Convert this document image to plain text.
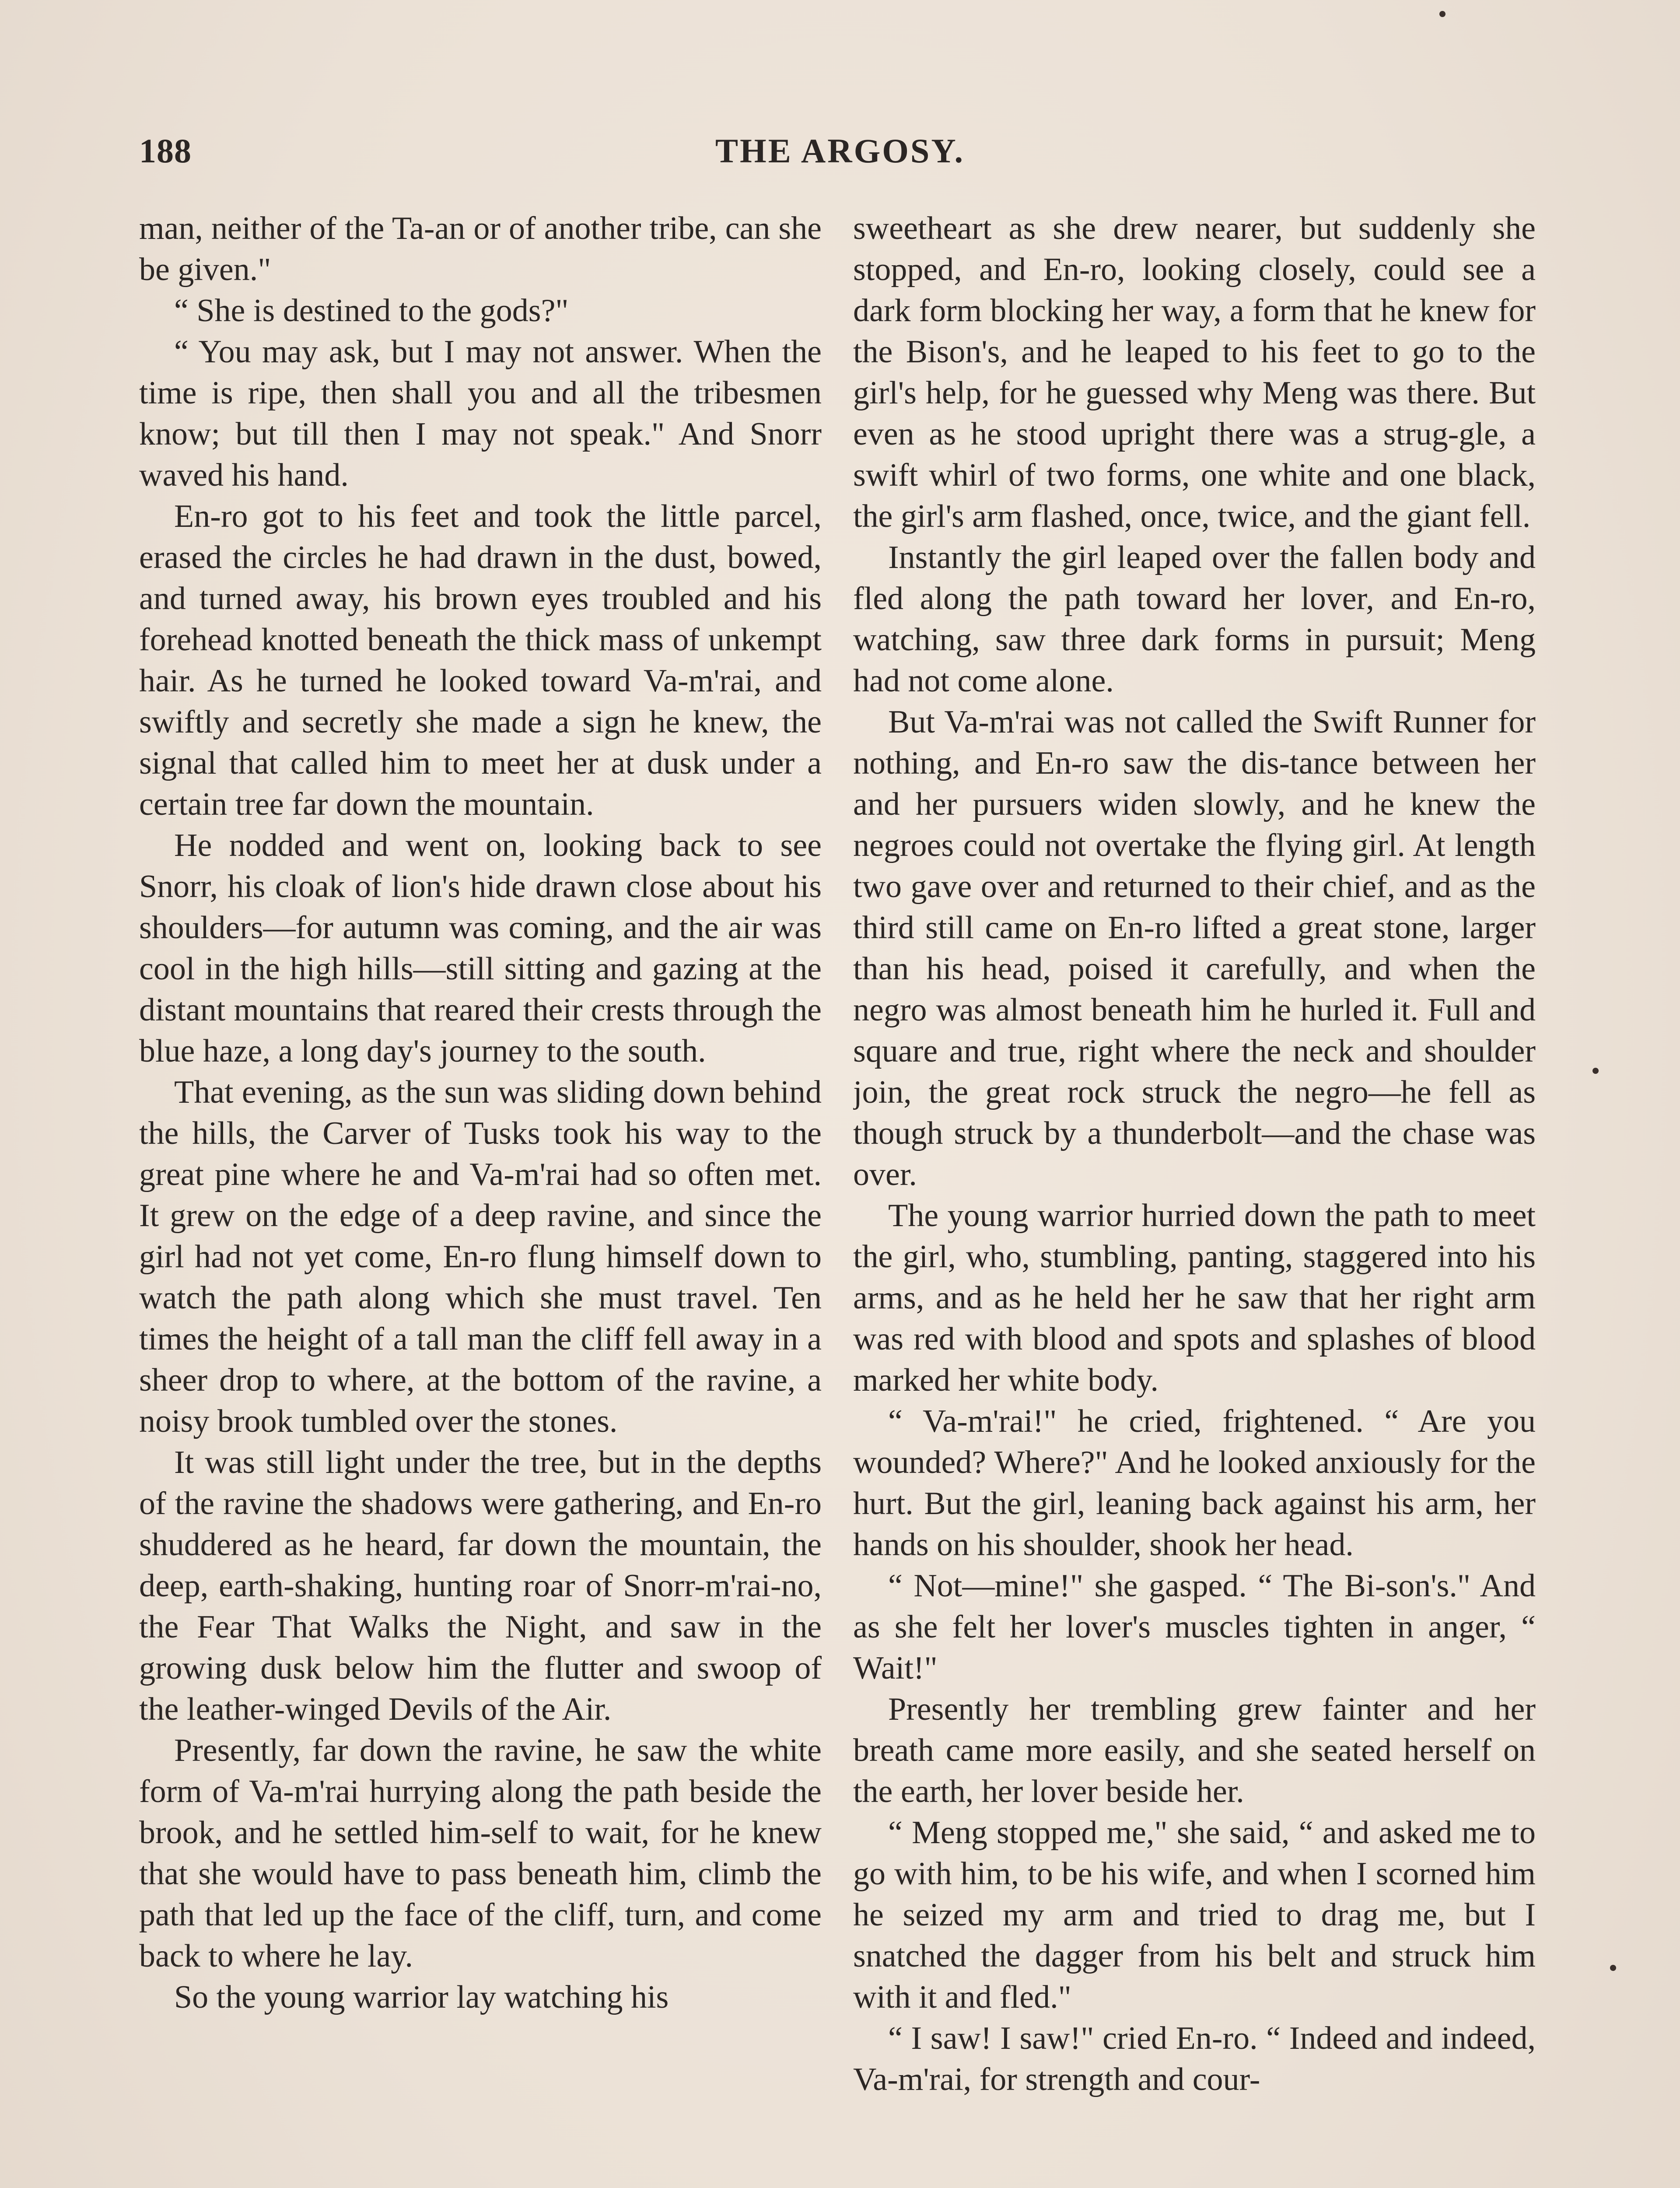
188	THE ARGOSY.

man, neither of the Ta-an or of another tribe, can she be given."

“ She is destined to the gods?"

“ You may ask, but I may not answer. When the time is ripe, then shall you and all the tribesmen know; but till then I may not speak." And Snorr waved his hand.

En-ro got to his feet and took the little parcel, erased the circles he had drawn in the dust, bowed, and turned away, his brown eyes troubled and his forehead knotted beneath the thick mass of unkempt hair. As he turned he looked toward Va-m'rai, and swiftly and secretly she made a sign he knew, the signal that called him to meet her at dusk under a certain tree far down the mountain.

He nodded and went on, looking back to see Snorr, his cloak of lion's hide drawn close about his shoulders—for autumn was coming, and the air was cool in the high hills—still sitting and gazing at the distant mountains that reared their crests through the blue haze, a long day's journey to the south.

That evening, as the sun was sliding down behind the hills, the Carver of Tusks took his way to the great pine where he and Va-m'rai had so often met. It grew on the edge of a deep ravine, and since the girl had not yet come, En-ro flung himself down to watch the path along which she must travel. Ten times the height of a tall man the cliff fell away in a sheer drop to where, at the bottom of the ravine, a noisy brook tumbled over the stones.

It was still light under the tree, but in the depths of the ravine the shadows were gathering, and En-ro shuddered as he heard, far down the mountain, the deep, earth-shaking, hunting roar of Snorr-m'rai-no, the Fear That Walks the Night, and saw in the growing dusk below him the flutter and swoop of the leather-winged Devils of the Air.

Presently, far down the ravine, he saw the white form of Va-m'rai hurrying along the path beside the brook, and he settled him-self to wait, for he knew that she would have to pass beneath him, climb the path that led up the face of the cliff, turn, and come back to where he lay.

So the young warrior lay watching his

sweetheart as she drew nearer, but suddenly she stopped, and En-ro, looking closely, could see a dark form blocking her way, a form that he knew for the Bison's, and he leaped to his feet to go to the girl's help, for he guessed why Meng was there. But even as he stood upright there was a strug-gle, a swift whirl of two forms, one white and one black, the girl's arm flashed, once, twice, and the giant fell.

Instantly the girl leaped over the fallen body and fled along the path toward her lover, and En-ro, watching, saw three dark forms in pursuit; Meng had not come alone.

But Va-m'rai was not called the Swift Runner for nothing, and En-ro saw the dis-tance between her and her pursuers widen slowly, and he knew the negroes could not overtake the flying girl. At length two gave over and returned to their chief, and as the third still came on En-ro lifted a great stone, larger than his head, poised it carefully, and when the negro was almost beneath him he hurled it. Full and square and true, right where the neck and shoulder join, the great rock struck the negro—he fell as though struck by a thunderbolt—and the chase was over.

The young warrior hurried down the path to meet the girl, who, stumbling, panting, staggered into his arms, and as he held her he saw that her right arm was red with blood and spots and splashes of blood marked her white body.

“ Va-m'rai!" he cried, frightened. “ Are you wounded? Where?" And he looked anxiously for the hurt. But the girl, leaning back against his arm, her hands on his shoulder, shook her head.

“ Not—mine!" she gasped. “ The Bi-son's." And as she felt her lover's muscles tighten in anger, “ Wait!"

Presently her trembling grew fainter and her breath came more easily, and she seated herself on the earth, her lover beside her.

“ Meng stopped me," she said, “ and asked me to go with him, to be his wife, and when I scorned him he seized my arm and tried to drag me, but I snatched the dagger from his belt and struck him with it and fled."

“ I saw! I saw!" cried En-ro. “ Indeed and indeed, Va-m'rai, for strength and cour-
